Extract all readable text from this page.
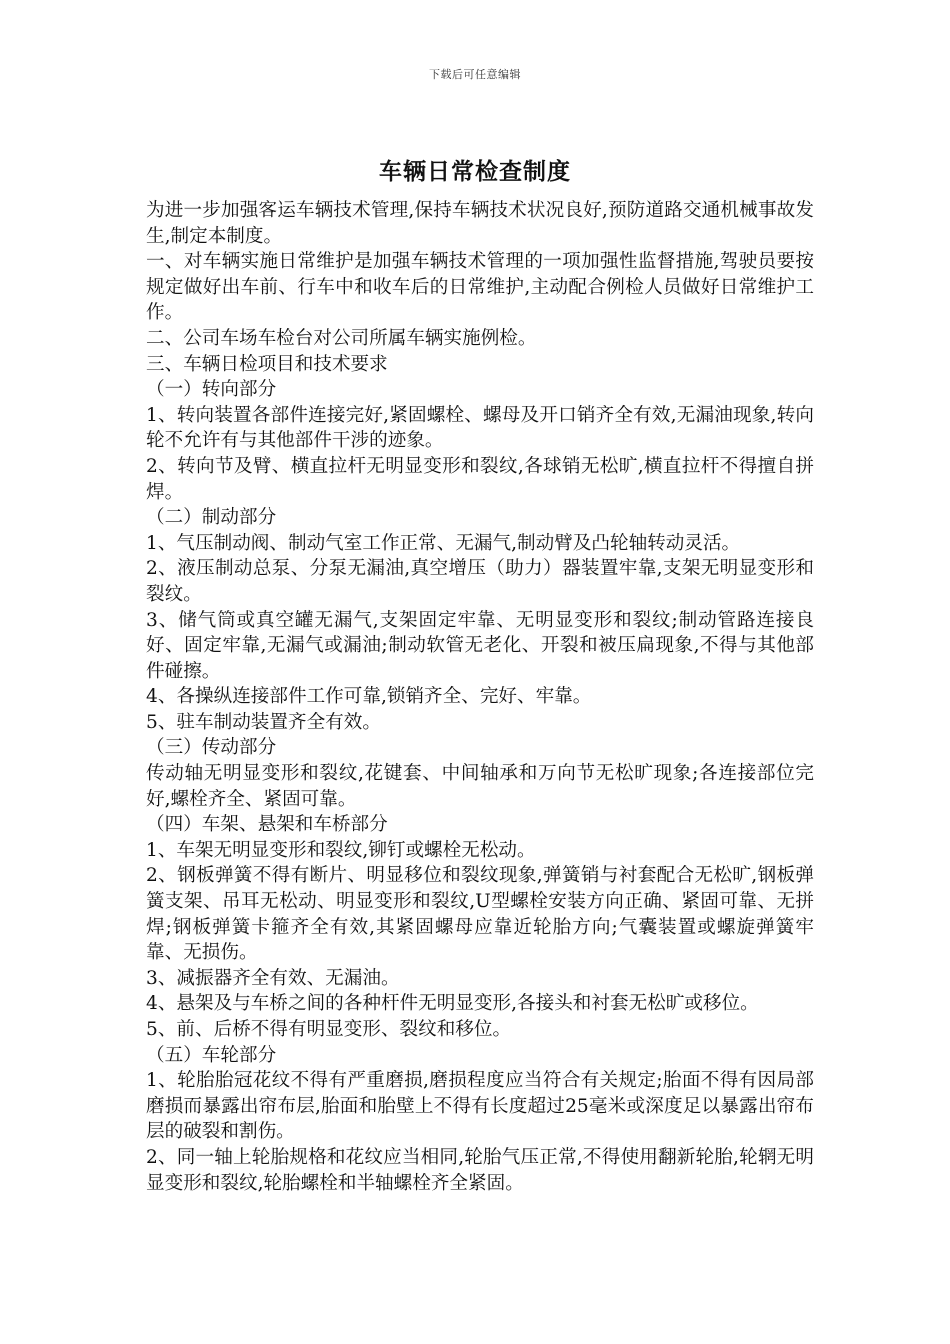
下载后可任意编辑
车辆日常检查制度

为进一步加强客运车辆技术管理,保持车辆技术状况良好,预防道路交通机械事故发生,制定本制度。

一、对车辆实施日常维护是加强车辆技术管理的一项加强性监督措施,驾驶员要按规定做好出车前、行车中和收车后的日常维护,主动配合例检人员做好日常维护工作。

二、公司车场车检台对公司所属车辆实施例检。

三、车辆日检项目和技术要求

（一）转向部分

1、转向装置各部件连接完好,紧固螺栓、螺母及开口销齐全有效,无漏油现象,转向轮不允许有与其他部件干涉的迹象。

2、转向节及臂、横直拉杆无明显变形和裂纹,各球销无松旷,横直拉杆不得擅自拼焊。

（二）制动部分

1、气压制动阀、制动气室工作正常、无漏气,制动臂及凸轮轴转动灵活。

2、液压制动总泵、分泵无漏油,真空增压（助力）器装置牢靠,支架无明显变形和裂纹。

3、储气筒或真空罐无漏气,支架固定牢靠、无明显变形和裂纹;制动管路连接良好、固定牢靠,无漏气或漏油;制动软管无老化、开裂和被压扁现象,不得与其他部件碰擦。

4、各操纵连接部件工作可靠,锁销齐全、完好、牢靠。

5、驻车制动装置齐全有效。

（三）传动部分

传动轴无明显变形和裂纹,花键套、中间轴承和万向节无松旷现象;各连接部位完好,螺栓齐全、紧固可靠。

（四）车架、悬架和车桥部分

1、车架无明显变形和裂纹,铆钉或螺栓无松动。

2、钢板弹簧不得有断片、明显移位和裂纹现象,弹簧销与衬套配合无松旷,钢板弹簧支架、吊耳无松动、明显变形和裂纹,U型螺栓安装方向正确、紧固可靠、无拼焊;钢板弹簧卡箍齐全有效,其紧固螺母应靠近轮胎方向;气囊装置或螺旋弹簧牢靠、无损伤。

3、减振器齐全有效、无漏油。

4、悬架及与车桥之间的各种杆件无明显变形,各接头和衬套无松旷或移位。

5、前、后桥不得有明显变形、裂纹和移位。

（五）车轮部分

1、轮胎胎冠花纹不得有严重磨损,磨损程度应当符合有关规定;胎面不得有因局部磨损而暴露出帘布层,胎面和胎壁上不得有长度超过25毫米或深度足以暴露出帘布层的破裂和割伤。

2、同一轴上轮胎规格和花纹应当相同,轮胎气压正常,不得使用翻新轮胎,轮辋无明显变形和裂纹,轮胎螺栓和半轴螺栓齐全紧固。
